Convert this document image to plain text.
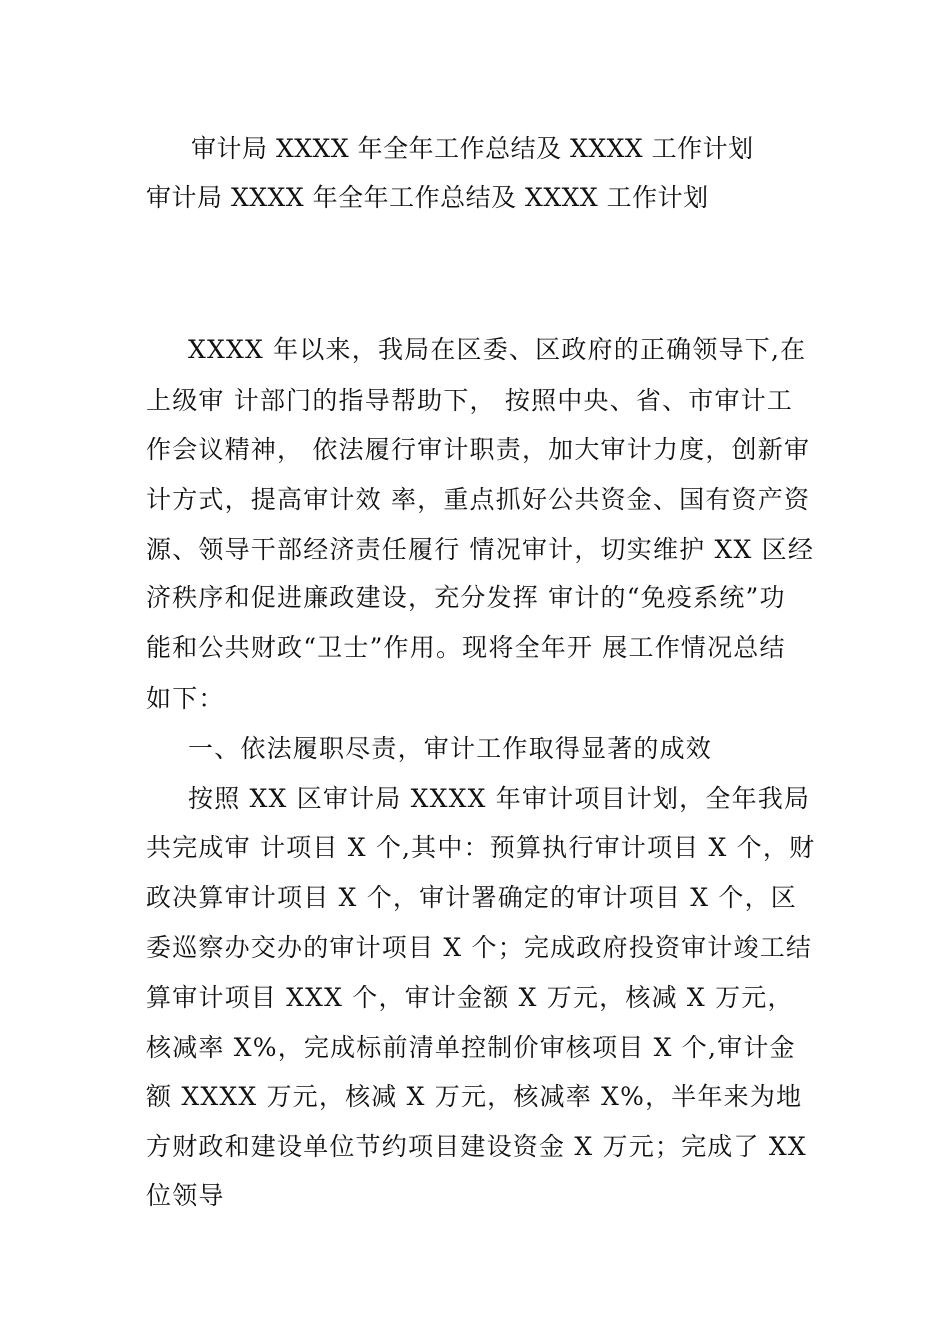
审计局 XXXX 年全年工作总结及 XXXX 工作计划
审计局 XXXX 年全年工作总结及 XXXX 工作计划
XXXX 年以来，我局在区委、区政府的正确领导下,在
上级审 计部门的指导帮助下， 按照中央、省、市审计工
作会议精神， 依法履行审计职责，加大审计力度，创新审
计方式，提高审计效 率，重点抓好公共资金、国有资产资
源、领导干部经济责任履行 情况审计，切实维护 XX 区经
济秩序和促进廉政建设，充分发挥 审计的“免疫系统”功
能和公共财政“卫士”作用。现将全年开 展工作情况总结
如下：
一、依法履职尽责，审计工作取得显著的成效
按照 XX 区审计局 XXXX 年审计项目计划，全年我局
共完成审 计项目 X 个,其中：预算执行审计项目 X 个，财
政决算审计项目 X 个，审计署确定的审计项目 X 个，区
委巡察办交办的审计项目 X 个；完成政府投资审计竣工结
算审计项目 XXX 个，审计金额 X 万元，核减 X 万元，
核减率 X%，完成标前清单控制价审核项目 X 个,审计金
额 XXXX 万元，核减 X 万元，核减率 X%，半年来为地
方财政和建设单位节约项目建设资金 X 万元；完成了 XX
位领导
